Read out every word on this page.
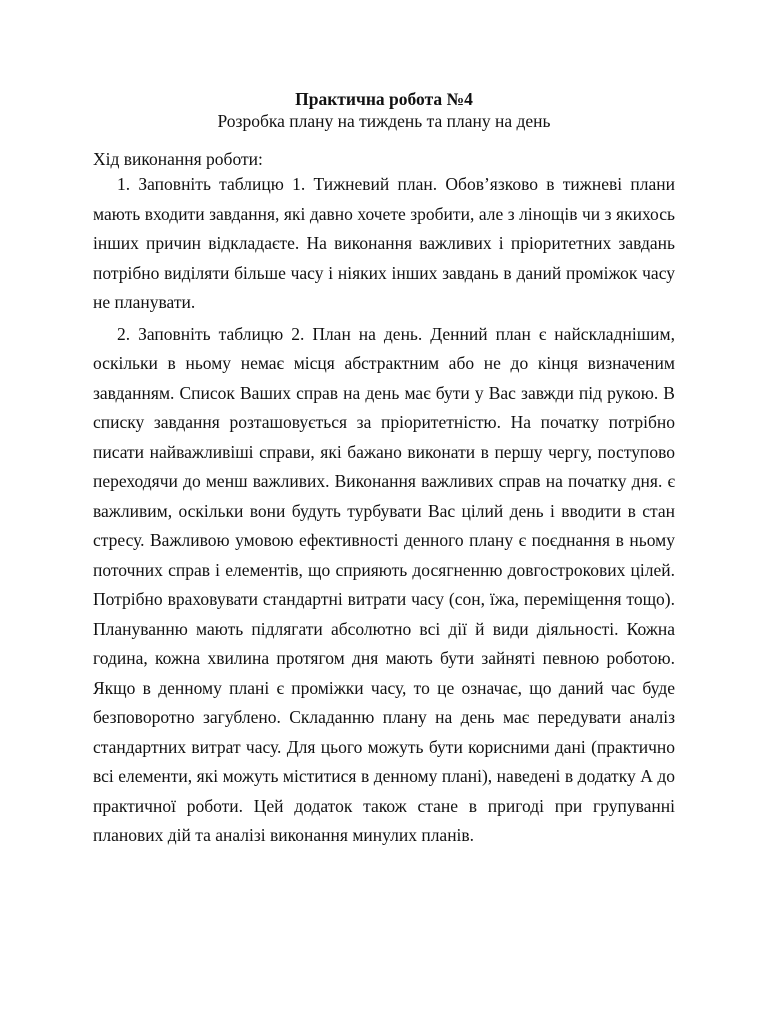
Практична робота №4

Розробка плану на тиждень та плану на день

Хід виконання роботи:

1. Заповніть таблицю 1. Тижневий план. Обов’язково в тижневі плани мають входити завдання, які давно хочете зробити, але з лінощів чи з якихось інших причин відкладаєте. На виконання важливих і пріоритетних завдань потрібно виділяти більше часу і ніяких інших завдань в даний проміжок часу не планувати.

2. Заповніть таблицю 2. План на день. Денний план є найскладнішим, оскільки в ньому немає місця абстрактним або не до кінця визначеним завданням. Список Ваших справ на день має бути у Вас завжди під рукою. В списку завдання розташовується за пріоритетністю. На початку потрібно писати найважливіші справи, які бажано виконати в першу чергу, поступово переходячи до менш важливих. Виконання важливих справ на початку дня. є важливим, оскільки вони будуть турбувати Вас цілий день і вводити в стан стресу. Важливою умовою ефективності денного плану є поєднання в ньому поточних справ і елементів, що сприяють досягненню довгострокових цілей. Потрібно враховувати стандартні витрати часу (сон, їжа, переміщення тощо). Плануванню мають підлягати абсолютно всі дії й види діяльності. Кожна година, кожна хвилина протягом дня мають бути зайняті певною роботою. Якщо в денному плані є проміжки часу, то це означає, що даний час буде безповоротно загублено. Складанню плану на день має передувати аналіз стандартних витрат часу. Для цього можуть бути корисними дані (практично всі елементи, які можуть міститися в денному плані), наведені в додатку А до практичної роботи. Цей додаток також стане в пригоді при групуванні планових дій та аналізі виконання минулих планів.
